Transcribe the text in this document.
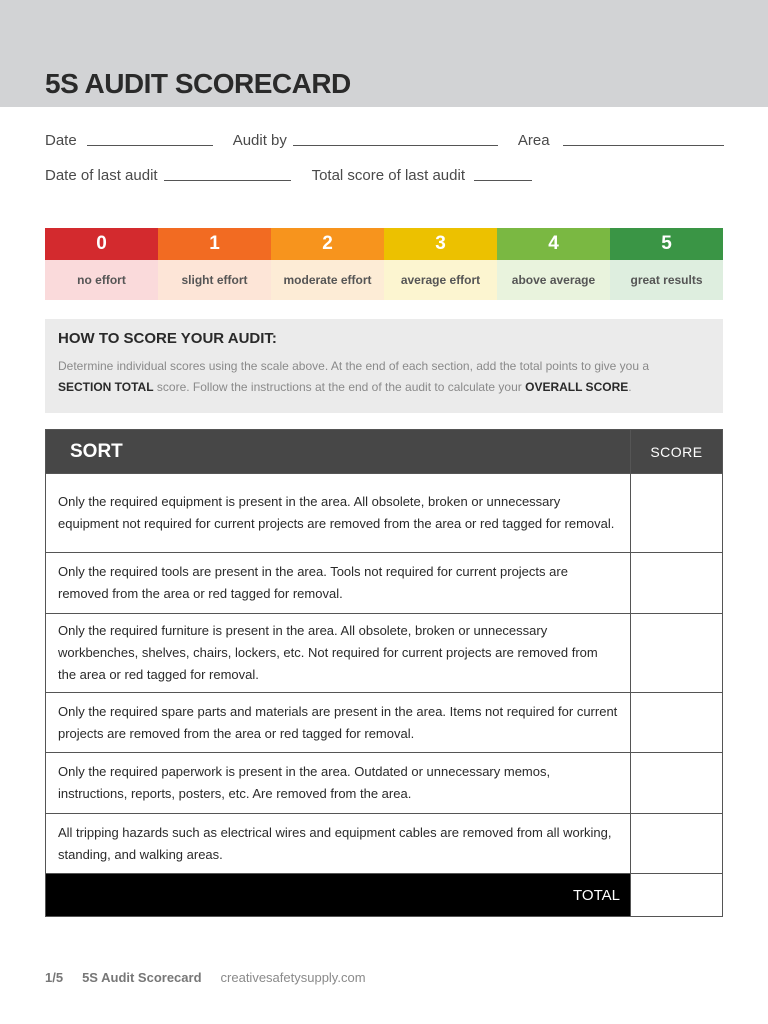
5S AUDIT SCORECARD
Date	Audit by	Area
Date of last audit	Total score of last audit
0
no effort
1
slight effort
2
moderate effort
3
average effort
4
above average
5
great results
HOW TO SCORE YOUR AUDIT:

Determine individual scores using the scale above. At the end of each section, add the total points to give you a
SECTION TOTAL score. Follow the instructions at the end of the audit to calculate your OVERALL SCORE.

SORT	SCORE
Only the required equipment is present in the area. All obsolete, broken or unnecessary equipment not required for current projects are removed from the area or red tagged for removal.	
Only the required tools are present in the area. Tools not required for current projects are removed from the area or red tagged for removal.	
Only the required furniture is present in the area. All obsolete, broken or unnecessary workbenches, shelves, chairs, lockers, etc. Not required for current projects are removed from the area or red tagged for removal.	
Only the required spare parts and materials are present in the area. Items not required for current projects are removed from the area or red tagged for removal.	
Only the required paperwork is present in the area. Outdated or unnecessary memos, instructions, reports, posters, etc. Are removed from the area.	
All tripping hazards such as electrical wires and equipment cables are removed from all working, standing, and walking areas.	
TOTAL	
1/5 5S Audit Scorecard creativesafetysupply.com
